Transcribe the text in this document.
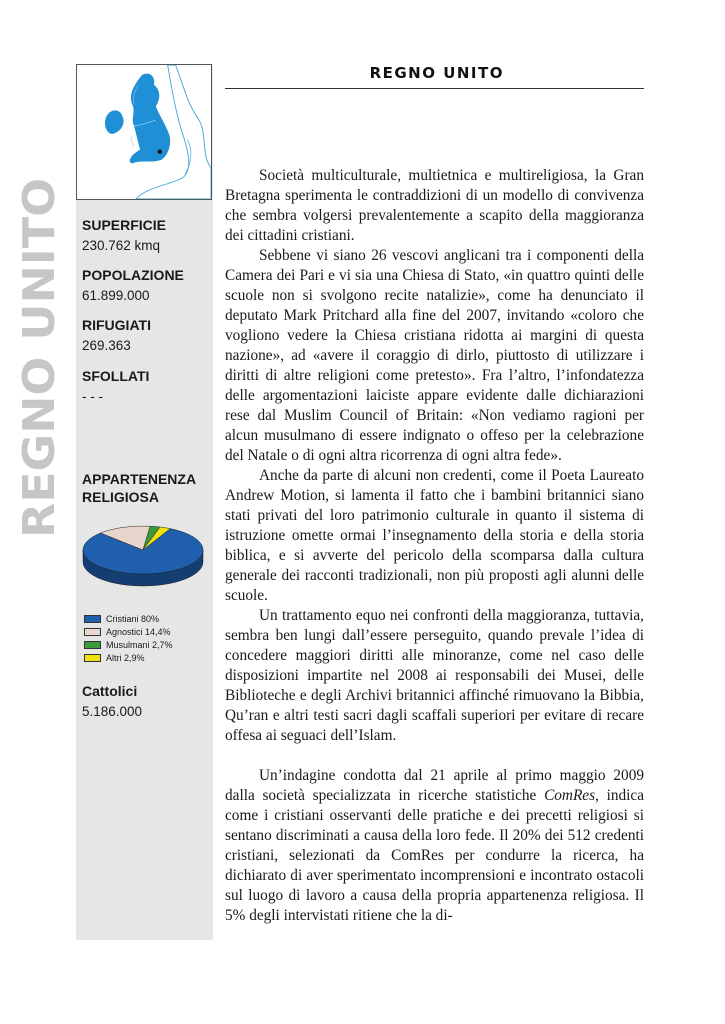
REGNO UNITO SUPERFICIE
230.762 kmq
POPOLAZIONE
61.899.000
RIFUGIATI
269.363
SFOLLATI
- - -
APPARTENENZA
RELIGIOSA
Cristiani 80%
Agnostici 14,4%
Musulmani 2,7%
Altri 2,9%
Cattolici
5.186.000
REGNO UNITO

Società multiculturale, multietnica e multireligiosa, la Gran Bretagna sperimenta le contraddizioni di un modello di convivenza che sembra volgersi prevalentemente a scapito della maggioranza dei cittadini cristiani.

Sebbene vi siano 26 vescovi anglicani tra i componenti della Camera dei Pari e vi sia una Chiesa di Stato, «in quattro quinti delle scuole non si svolgono recite natalizie», come ha denunciato il deputato Mark Pritchard alla fine del 2007, invitando «coloro che vogliono vedere la Chiesa cristiana ridotta ai margini di questa nazione», ad «avere il coraggio di dirlo, piuttosto di utilizzare i diritti di altre religioni come pretesto». Fra l’altro, l’infondatezza delle argomentazioni laiciste appare evidente dalle dichiarazioni rese dal Muslim Council of Britain: «Non vediamo ragioni per alcun musulmano di essere indignato o offeso per la celebrazione del Natale o di ogni altra ricorrenza di ogni altra fede».

Anche da parte di alcuni non credenti, come il Poeta Laureato Andrew Motion, si lamenta il fatto che i bambini britannici siano stati privati del loro patrimonio culturale in quanto il sistema di istruzione omette ormai l’insegnamento della storia e della storia biblica, e si avverte del pericolo della scomparsa dalla cultura generale dei racconti tradizionali, non più proposti agli alunni delle scuole.

Un trattamento equo nei confronti della maggioranza, tuttavia, sembra ben lungi dall’essere perseguito, quando prevale l’idea di concedere maggiori diritti alle minoranze, come nel caso delle disposizioni impartite nel 2008 ai responsabili dei Musei, delle Biblioteche e degli Archivi britannici affinché rimuovano la Bibbia, Qu’ran e altri testi sacri dagli scaffali superiori per evitare di recare offesa ai seguaci dell’Islam.

Un’indagine condotta dal 21 aprile al primo maggio 2009 dalla società specializzata in ricerche statistiche ComRes, indica come i cristiani osservanti delle pratiche e dei precetti religiosi si sentano discriminati a causa della loro fede. Il 20% dei 512 credenti cristiani, selezionati da ComRes per condurre la ricerca, ha dichiarato di aver sperimentato incomprensioni e incontrato ostacoli sul luogo di lavoro a causa della propria appartenenza religiosa. Il 5% degli intervistati ritiene che la di-
